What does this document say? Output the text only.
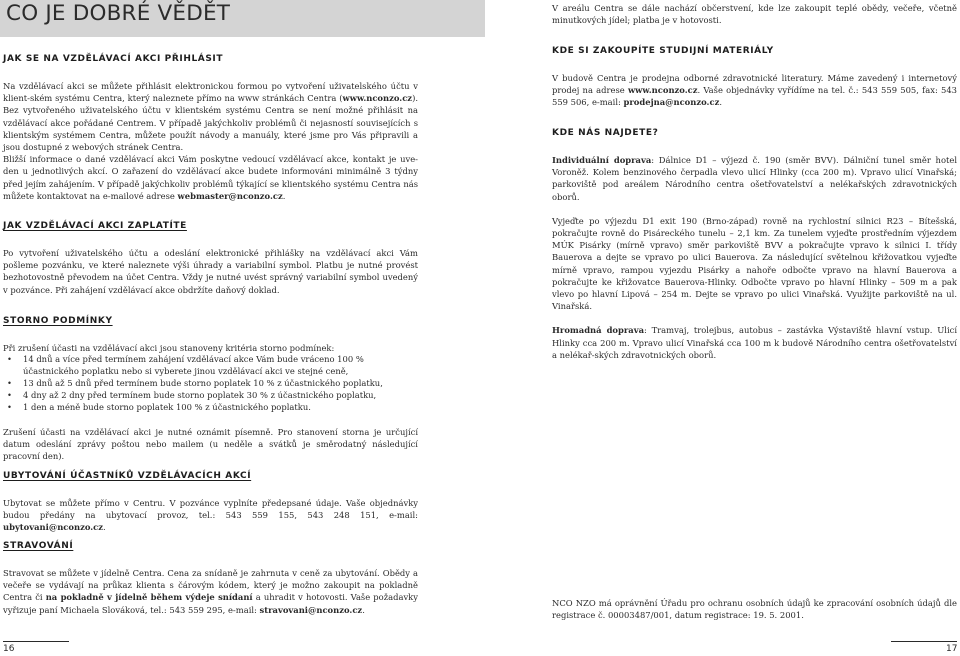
CO JE DOBRÉ VĚDĚT
JAK SE NA VZDĚLÁVACÍ AKCI PŘIHLÁSIT

Na vzdělávací akci se můžete přihlásit elektronickou formou po vytvoření uživatelského účtu v klient-ském systému Centra, který naleznete přímo na www stránkách Centra (www.nconzo.cz). Bez vytvořeného uživatelského účtu v klientském systému Centra se není možné přihlásit na vzdělávací akce pořádané Centrem. V případě jakýchkoliv problémů či nejasností souvisejících s klientským systémem Centra, můžete použít návody a manuály, které jsme pro Vás připravili a jsou dostupné z webových stránek Centra.

Bližší informace o dané vzdělávací akci Vám poskytne vedoucí vzdělávací akce, kontakt je uve-den u jednotlivých akcí. O zařazení do vzdělávací akce budete informováni minimálně 3 týdny před jejím zahájením. V případě jakýchkoliv problémů týkající se klientského systému Centra nás můžete kontaktovat na e-mailové adrese webmaster@nconzo.cz.

JAK VZDĚLÁVACÍ AKCI ZAPLATÍTE

Po vytvoření uživatelského účtu a odeslání elektronické přihlášky na vzdělávací akci Vám pošleme pozvánku, ve které naleznete výši úhrady a variabilní symbol. Platbu je nutné provést bezhotovostně převodem na účet Centra. Vždy je nutné uvést správný variabilní symbol uvedený v pozvánce. Při zahájení vzdělávací akce obdržíte daňový doklad.

STORNO PODMÍNKY

Při zrušení účasti na vzdělávací akci jsou stanoveny kritéria storno podmínek:

• 14 dnů a více před termínem zahájení vzdělávací akce Vám bude vráceno 100 % účastnického poplatku nebo si vyberete jinou vzdělávací akci ve stejné ceně,
• 13 dnů až 5 dnů před termínem bude storno poplatek 10 % z účastnického poplatku,
• 4 dny až 2 dny před termínem bude storno poplatek 30 % z účastnického poplatku,
• 1 den a méně bude storno poplatek 100 % z účastnického poplatku.

Zrušení účasti na vzdělávací akci je nutné oznámit písemně. Pro stanovení storna je určující datum odeslání zprávy poštou nebo mailem (u neděle a svátků je směrodatný následující pracovní den).

UBYTOVÁNÍ ÚČASTNÍKŮ VZDĚLÁVACÍCH AKCÍ

Ubytovat se můžete přímo v Centru. V pozvánce vyplníte předepsané údaje. Vaše objednávky budou předány na ubytovací provoz, tel.: 543 559 155, 543 248 151, e-mail: ubytovani@nconzo.cz.

STRAVOVÁNÍ

Stravovat se můžete v jídelně Centra. Cena za snídaně je zahrnuta v ceně za ubytování. Obědy a večeře se vydávají na průkaz klienta s čárovým kódem, který je možno zakoupit na pokladně Centra či na pokladně v jídelně během výdeje snídaní a uhradit v hotovosti. Vaše požadavky vyřizuje paní Michaela Slováková, tel.: 543 559 295, e-mail: stravovani@nconzo.cz.

16

V areálu Centra se dále nachází občerstvení, kde lze zakoupit teplé obědy, večeře, včetně minutkových jídel; platba je v hotovosti.

KDE SI ZAKOUPÍTE STUDIJNÍ MATERIÁLY

V budově Centra je prodejna odborné zdravotnické literatury. Máme zavedený i internetový prodej na adrese www.nconzo.cz. Vaše objednávky vyřídíme na tel. č.: 543 559 505, fax: 543 559 506, e-mail: prodejna@nconzo.cz.

KDE NÁS NAJDETE?

Individuální doprava: Dálnice D1 – výjezd č. 190 (směr BVV). Dálniční tunel směr hotel Voroněž. Kolem benzinového čerpadla vlevo ulicí Hlinky (cca 200 m). Vpravo ulicí Vinařská; parkoviště pod areálem Národního centra ošetřovatelství a nelékařských zdravotnických oborů.

Vyjeďte po výjezdu D1 exit 190 (Brno-západ) rovně na rychlostní silnici R23 – Bítešská, pokračujte rovně do Pisáreckého tunelu – 2,1 km. Za tunelem vyjeďte prostředním výjezdem MÚK Pisárky (mírně vpravo) směr parkoviště BVV a pokračujte vpravo k silnici I. třídy Bauerova a dejte se vpravo po ulici Bauerova. Za následující světelnou křižovatkou vyjeďte mírně vpravo, rampou vyjezdu Pisárky a nahoře odbočte vpravo na hlavní Bauerova a pokračujte ke křižovatce Bauerova-Hlinky. Odbočte vpravo po hlavní Hlinky – 509 m a pak vlevo po hlavní Lipová – 254 m. Dejte se vpravo po ulici Vinařská. Využijte parkoviště na ul. Vinařská.

Hromadná doprava: Tramvaj, trolejbus, autobus – zastávka Výstaviště hlavní vstup. Ulicí Hlinky cca 200 m. Vpravo ulicí Vinařská cca 100 m k budově Národního centra ošetřovatelství a nelékař-ských zdravotnických oborů.

NCO NZO má oprávnění Úřadu pro ochranu osobních údajů ke zpracování osobních údajů dle registrace č. 00003487/001, datum registrace: 19. 5. 2001.

17
